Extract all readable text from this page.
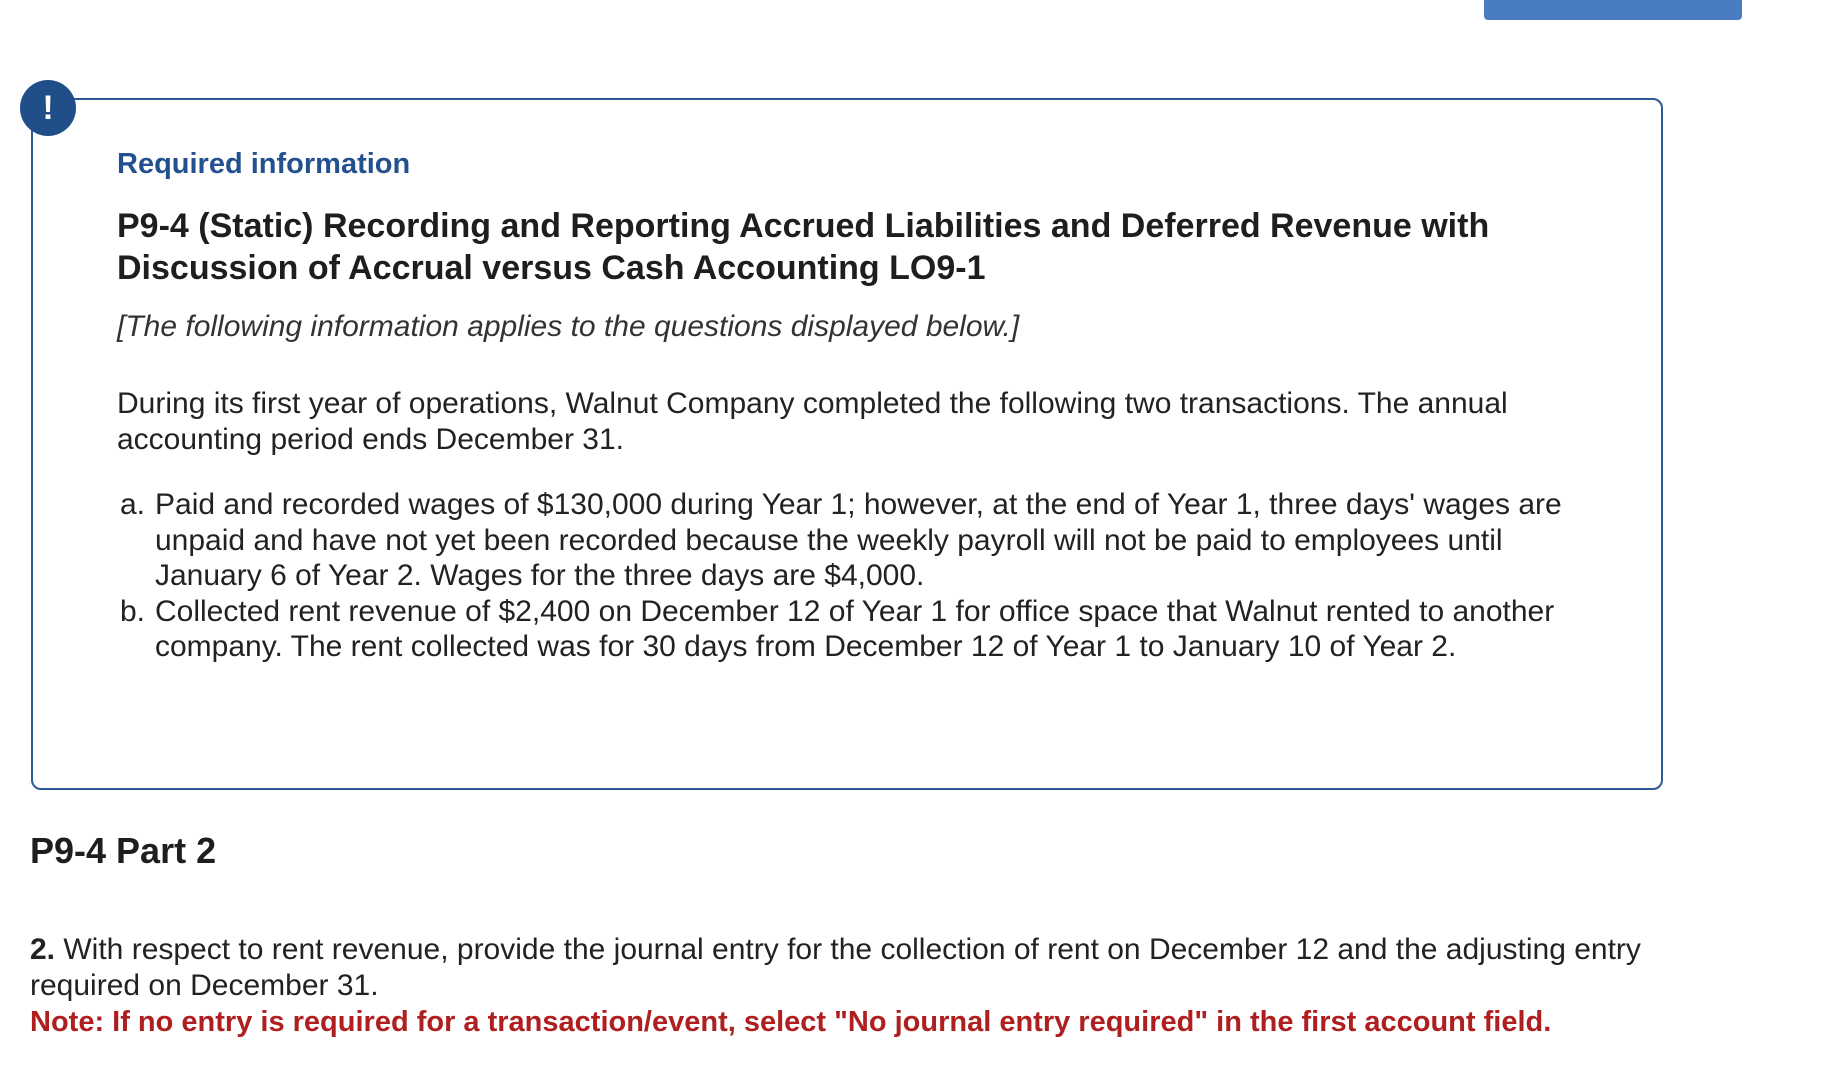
!
Required information
P9-4 (Static) Recording and Reporting Accrued Liabilities and Deferred Revenue with Discussion of Accrual versus Cash Accounting LO9-1
[The following information applies to the questions displayed below.]
During its first year of operations, Walnut Company completed the following two transactions. The annual accounting period ends December 31.
a. Paid and recorded wages of $130,000 during Year 1; however, at the end of Year 1, three days' wages are unpaid and have not yet been recorded because the weekly payroll will not be paid to employees until January 6 of Year 2. Wages for the three days are $4,000.
b. Collected rent revenue of $2,400 on December 12 of Year 1 for office space that Walnut rented to another company. The rent collected was for 30 days from December 12 of Year 1 to January 10 of Year 2.
P9-4 Part 2
2. With respect to rent revenue, provide the journal entry for the collection of rent on December 12 and the adjusting entry required on December 31.
Note: If no entry is required for a transaction/event, select "No journal entry required" in the first account field.
